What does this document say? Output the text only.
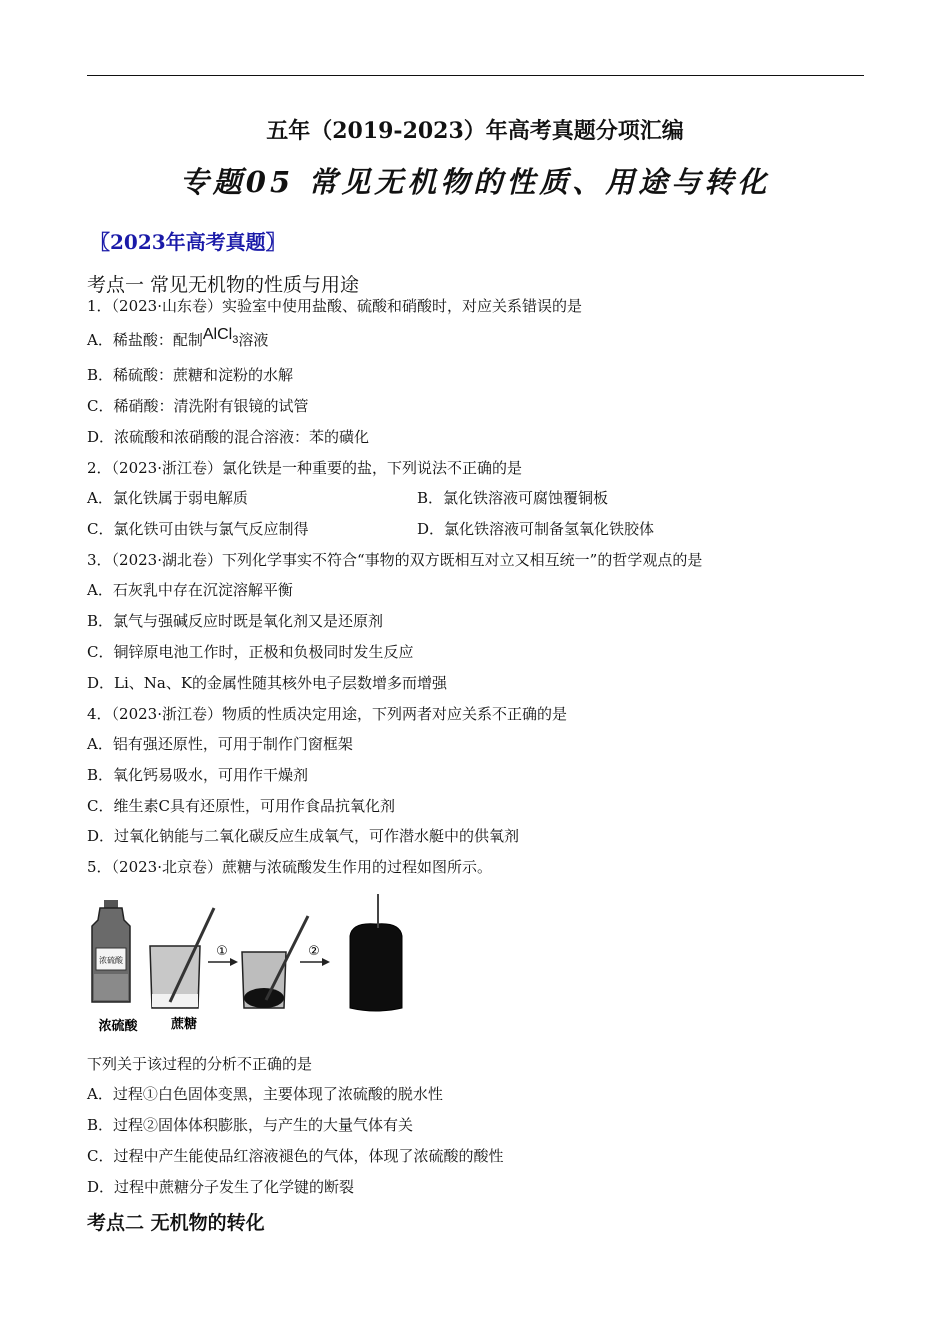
五年（2019-2023）年高考真题分项汇编
专题05 常见无机物的性质、用途与转化
〖2023年高考真题〗
考点一 常见无机物的性质与用途
1．（2023·山东卷）实验室中使用盐酸、硫酸和硝酸时，对应关系错误的是
A．稀盐酸：配制AlCl$_3$溶液
B．稀硫酸：蔗糖和淀粉的水解
C．稀硝酸：清洗附有银镜的试管
D．浓硫酸和浓硝酸的混合溶液：苯的磺化
2．（2023·浙江卷）氯化铁是一种重要的盐，下列说法不正确的是
A．氯化铁属于弱电解质	B．氯化铁溶液可腐蚀覆铜板
C．氯化铁可由铁与氯气反应制得	D．氯化铁溶液可制备氢氧化铁胶体
3．（2023·湖北卷）下列化学事实不符合“事物的双方既相互对立又相互统一”的哲学观点的是
A．石灰乳中存在沉淀溶解平衡
B．氯气与强碱反应时既是氧化剂又是还原剂
C．铜锌原电池工作时，正极和负极同时发生反应
D．Li、Na、K的金属性随其核外电子层数增多而增强
4．（2023·浙江卷）物质的性质决定用途，下列两者对应关系不正确的是
A．铝有强还原性，可用于制作门窗框架
B．氧化钙易吸水，可用作干燥剂
C．维生素C具有还原性，可用作食品抗氧化剂
D．过氧化钠能与二氧化碳反应生成氧气，可作潜水艇中的供氧剂
5．（2023·北京卷）蔗糖与浓硫酸发生作用的过程如图所示。
浓硫酸
①	②
浓硫酸	蔗糖
下列关于该过程的分析不正确的是
A．过程①白色固体变黑，主要体现了浓硫酸的脱水性
B．过程②固体体积膨胀，与产生的大量气体有关
C．过程中产生能使品红溶液褪色的气体，体现了浓硫酸的酸性
D．过程中蔗糖分子发生了化学键的断裂
考点二 无机物的转化
